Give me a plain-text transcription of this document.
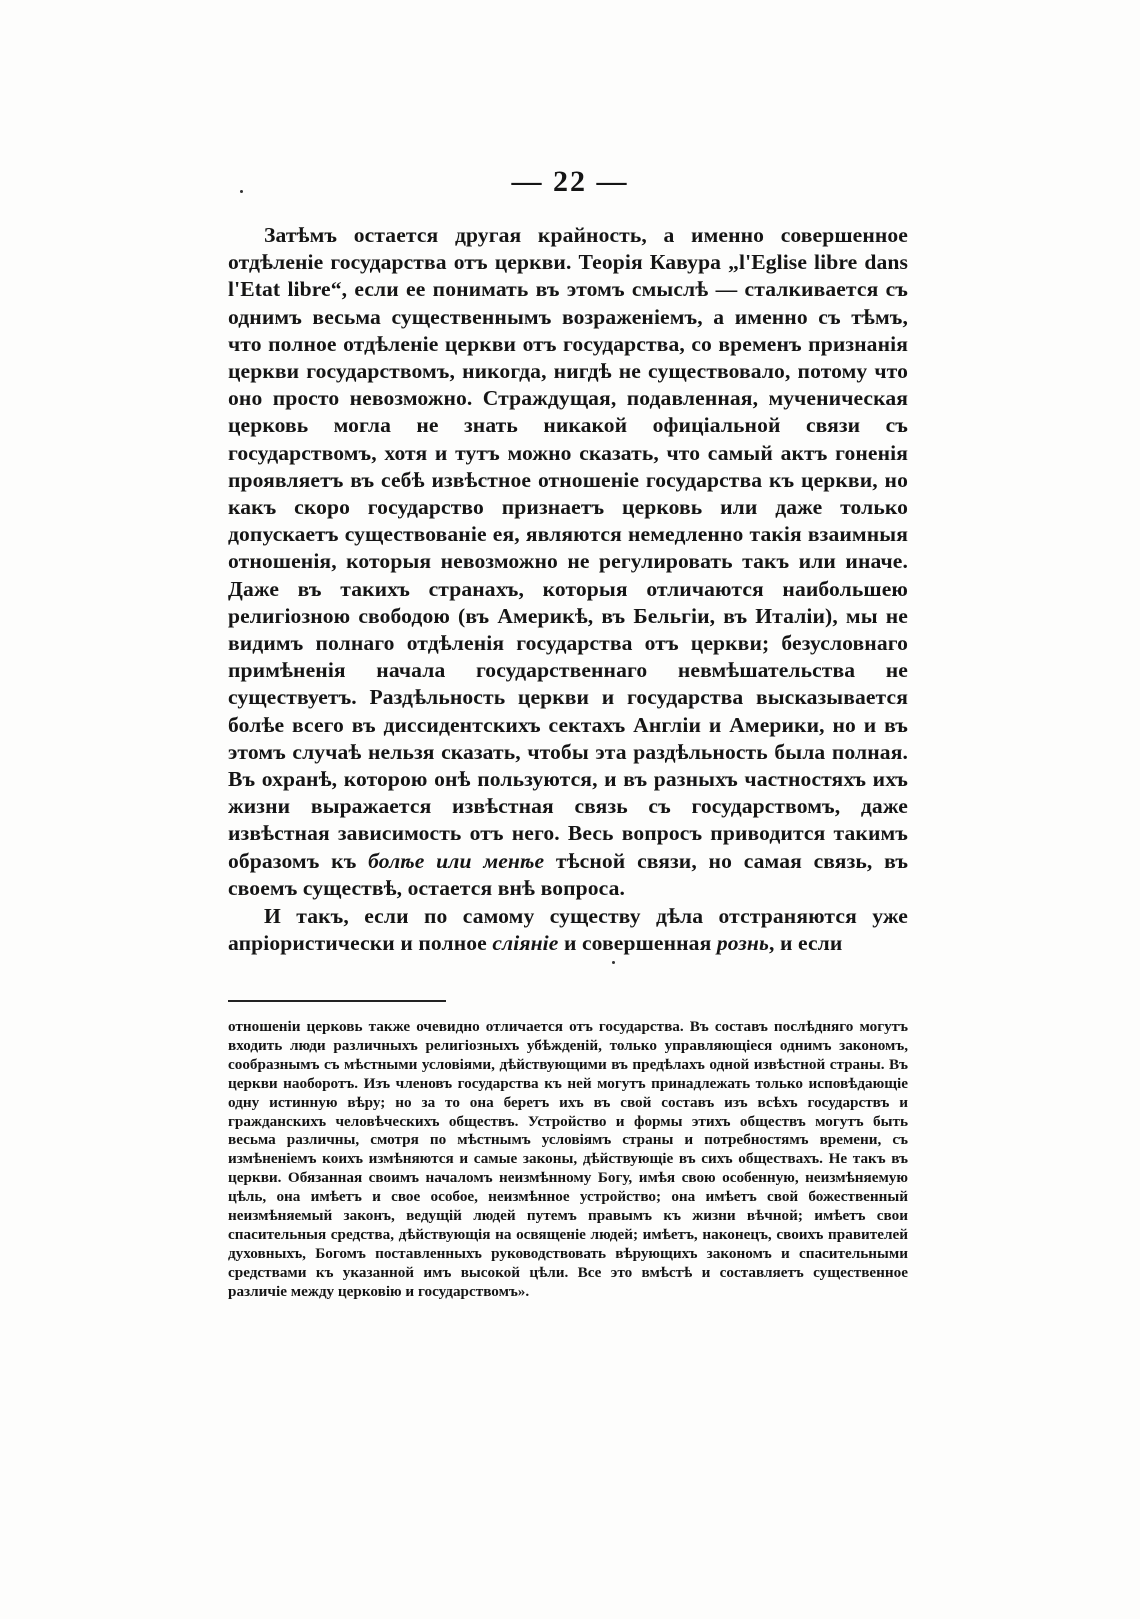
— 22 —

Затѣмъ остается другая крайность, а именно совершенное отдѣленіе государства отъ церкви. Теорія Кавура „l'Eglise libre dans l'Etat libre“, если ее понимать въ этомъ смыслѣ — сталкивается съ однимъ весьма существеннымъ возраженіемъ, а именно съ тѣмъ, что полное отдѣленіе церкви отъ государства, со временъ признанія церкви государствомъ, никогда, нигдѣ не существовало, потому что оно просто невозможно. Страждущая, подавленная, мученическая церковь могла не знать никакой офиціальной связи съ государствомъ, хотя и тутъ можно сказать, что самый актъ гоненія проявляетъ въ себѣ извѣстное отношеніе государства къ церкви, но какъ скоро государство признаетъ церковь или даже только допускаетъ существованіе ея, являются немедленно такія взаимныя отношенія, которыя невозможно не регулировать такъ или иначе. Даже въ такихъ странахъ, которыя отличаются наибольшею религіозною свободою (въ Америкѣ, въ Бельгіи, въ Италіи), мы не видимъ полнаго отдѣленія государства отъ церкви; безусловнаго примѣненія начала государственнаго невмѣшательства не существуетъ. Раздѣльность церкви и государства высказывается болѣе всего въ диссидентскихъ сектахъ Англіи и Америки, но и въ этомъ случаѣ нельзя сказать, чтобы эта раздѣльность была полная. Въ охранѣ, которою онѣ пользуются, и въ разныхъ частностяхъ ихъ жизни выражается извѣстная связь съ государствомъ, даже извѣстная зависимость отъ него. Весь вопросъ приводится такимъ образомъ къ болѣе или менѣе тѣсной связи, но самая связь, въ своемъ существѣ, остается внѣ вопроса.

И такъ, если по самому существу дѣла отстраняются уже апріористически и полное сліяніе и совершенная рознь, и если

отношеніи церковь также очевидно отличается отъ государства. Въ составъ послѣдняго могутъ входить люди различныхъ религіозныхъ убѣжденій, только управляющіеся однимъ закономъ, сообразнымъ съ мѣстными условіями, дѣйствующими въ предѣлахъ одной извѣстной страны. Въ церкви наоборотъ. Изъ членовъ государства къ ней могутъ принадлежать только исповѣдающіе одну истинную вѣру; но за то она беретъ ихъ въ свой составъ изъ всѣхъ государствъ и гражданскихъ человѣческихъ обществъ. Устройство и формы этихъ обществъ могутъ быть весьма различны, смотря по мѣстнымъ условіямъ страны и потребностямъ времени, съ измѣненіемъ коихъ измѣняются и самые законы, дѣйствующіе въ сихъ обществахъ. Не такъ въ церкви. Обязанная своимъ началомъ неизмѣнному Богу, имѣя свою особенную, неизмѣняемую цѣль, она имѣетъ и свое особое, неизмѣнное устройство; она имѣетъ свой божественный неизмѣняемый законъ, ведущій людей путемъ правымъ къ жизни вѣчной; имѣетъ свои спасительныя средства, дѣйствующія на освященіе людей; имѣетъ, наконецъ, своихъ правителей духовныхъ, Богомъ поставленныхъ руководствовать вѣрующихъ закономъ и спасительными средствами къ указанной имъ высокой цѣли. Все это вмѣстѣ и составляетъ существенное различіе между церковію и государствомъ».
